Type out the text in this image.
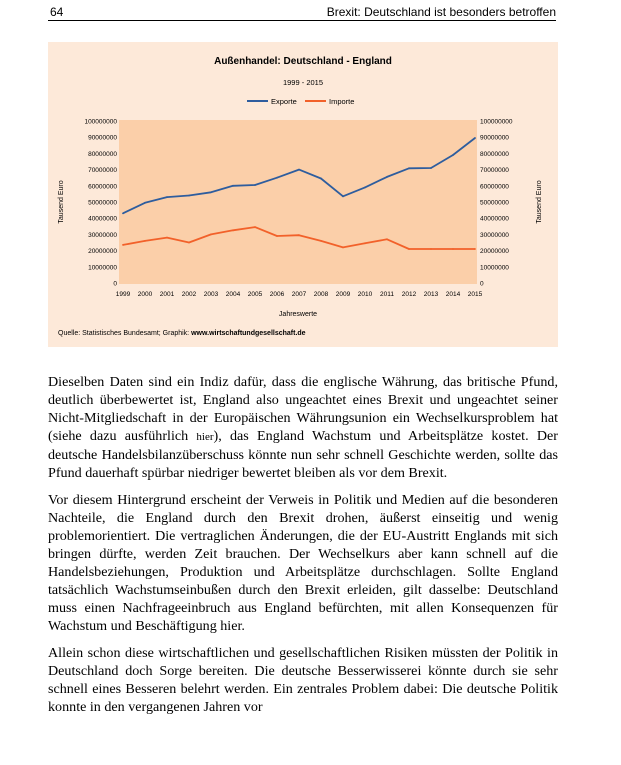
64	Brexit: Deutschland ist besonders betroffen
Außenhandel: Deutschland - England
1999 - 2015
Exporte	Importe
0	0
10000000	10000000
20000000	20000000
30000000	30000000
40000000	40000000
50000000	50000000
60000000	60000000
70000000	70000000
80000000	80000000
90000000	90000000
100000000	100000000
1999 2000 2001 2002 2003 2004 2005 2006 2007 2008 2009 2010 2011 2012 2013 2014 2015
Tausend Euro	Tausend Euro
Jahreswerte
Quelle: Statistisches Bundesamt; Graphik: www.wirtschaftundgesellschaft.de

Dieselben Daten sind ein Indiz dafür, dass die englische Währung, das britische Pfund, deutlich überbewertet ist, England also ungeachtet eines Brexit und ungeachtet seiner Nicht-Mitgliedschaft in der Europäischen Währungsunion ein Wechselkursproblem hat (siehe dazu ausführlich hier), das England Wachstum und Arbeitsplätze kostet. Der deutsche Handelsbilanzüberschuss könnte nun sehr schnell Geschichte werden, sollte das Pfund dauerhaft spürbar niedriger bewertet bleiben als vor dem Brexit.

Vor diesem Hintergrund erscheint der Verweis in Politik und Medien auf die besonderen Nachteile, die England durch den Brexit drohen, äußerst einseitig und wenig problemorientiert. Die vertraglichen Änderungen, die der EU-Austritt Englands mit sich bringen dürfte, werden Zeit brauchen. Der Wechselkurs aber kann schnell auf die Handelsbeziehungen, Produktion und Arbeitsplätze durchschlagen. Sollte England tatsächlich Wachstumseinbußen durch den Brexit erleiden, gilt dasselbe: Deutschland muss einen Nachfrageeinbruch aus England befürchten, mit allen Konsequenzen für Wachstum und Beschäftigung hier.

Allein schon diese wirtschaftlichen und gesellschaftlichen Risiken müssten der Politik in Deutschland doch Sorge bereiten. Die deutsche Besserwisserei könnte durch sie sehr schnell eines Besseren belehrt werden. Ein zentrales Problem dabei: Die deutsche Politik konnte in den vergangenen Jahren vor
